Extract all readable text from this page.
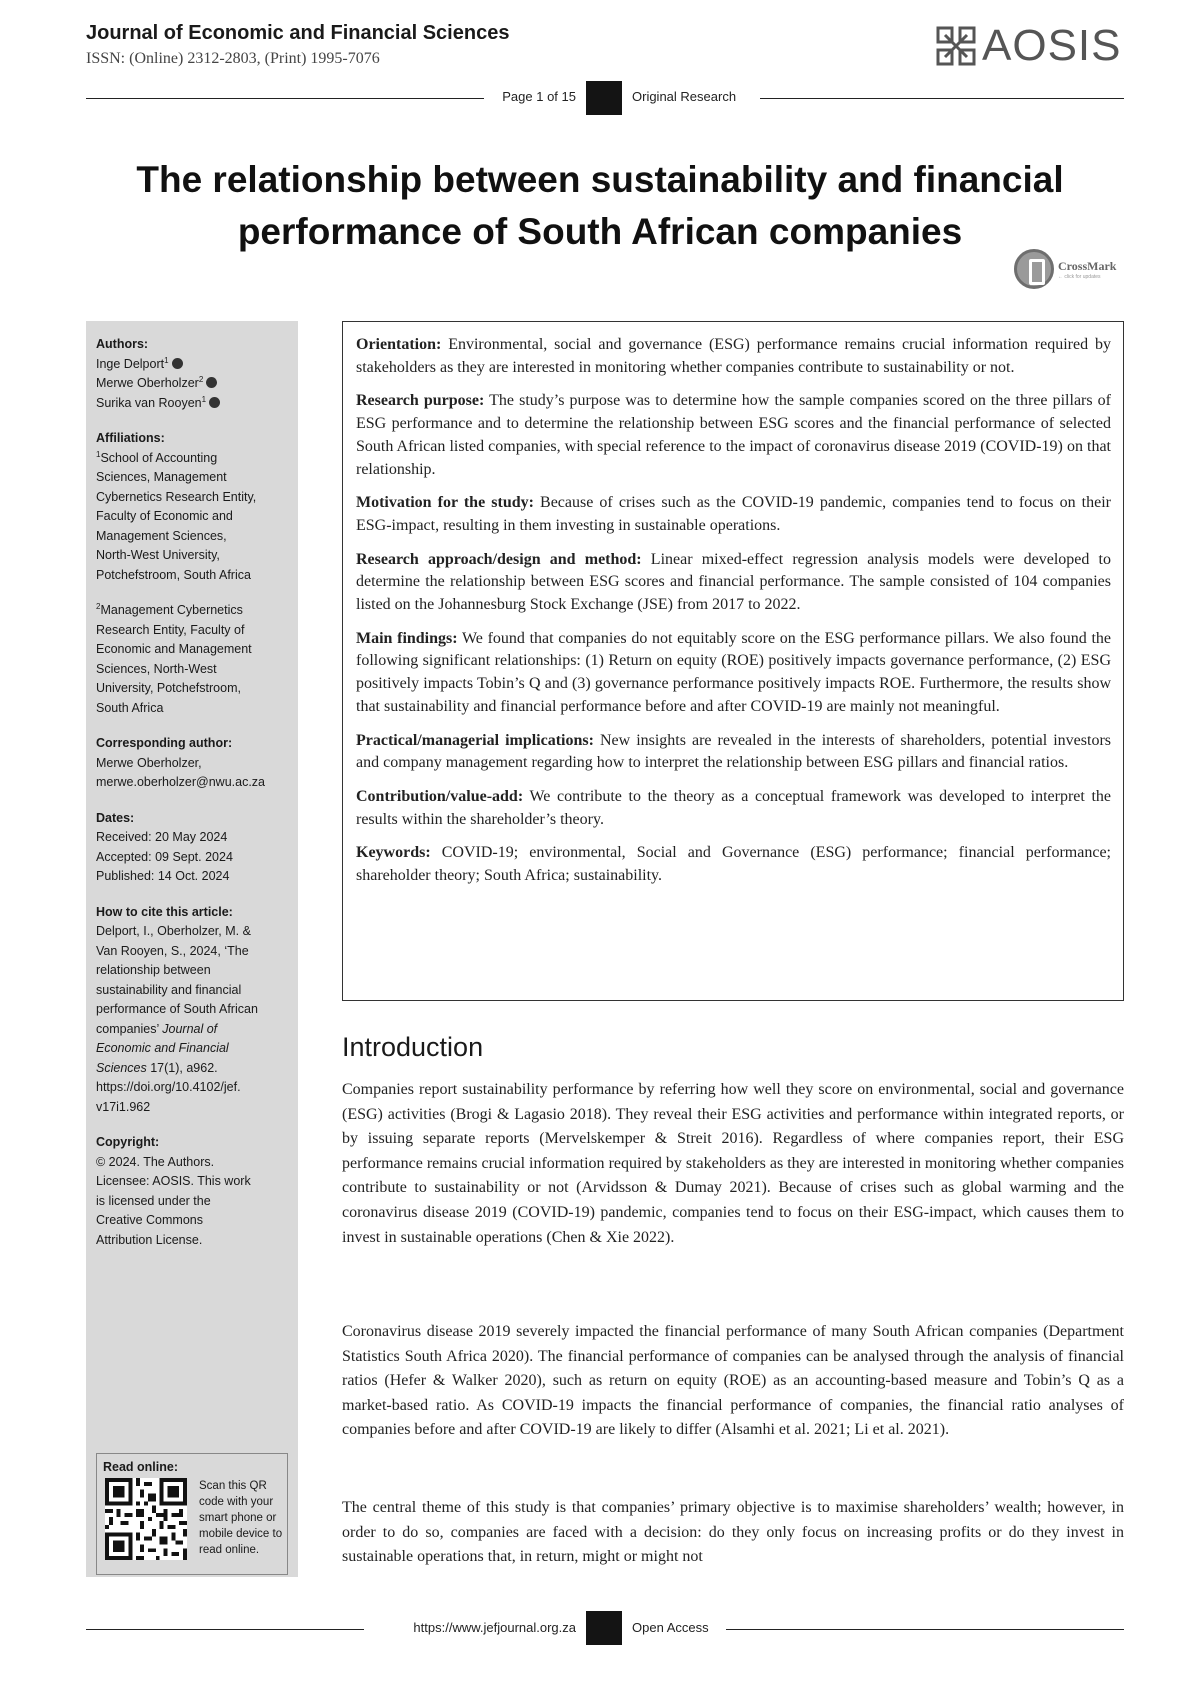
Journal of Economic and Financial Sciences
ISSN: (Online) 2312-2803, (Print) 1995-7076	AOSIS
Page 1 of 15	Original Research
The relationship between sustainability and financial performance of South African companies
CrossMark
← click for updates
Authors:
Inge Delport$^1$
Merwe Oberholzer$^2$
Surika van Rooyen$^1$
Affiliations:
$^1$School of Accounting
Sciences, Management
Cybernetics Research Entity,
Faculty of Economic and
Management Sciences,
North-West University,
Potchefstroom, South Africa
$^2$Management Cybernetics
Research Entity, Faculty of
Economic and Management
Sciences, North-West
University, Potchefstroom,
South Africa
Corresponding author:
Merwe Oberholzer,
merwe.oberholzer@nwu.ac.za
Dates:
Received: 20 May 2024
Accepted: 09 Sept. 2024
Published: 14 Oct. 2024
How to cite this article:
Delport, I., Oberholzer, M. &
Van Rooyen, S., 2024, ‘The
relationship between
sustainability and financial
performance of South African
companies’ Journal of
Economic and Financial
Sciences 17(1), a962.
https://doi.org/10.4102/jef.
v17i1.962
Copyright:
© 2024. The Authors.
Licensee: AOSIS. This work
is licensed under the
Creative Commons
Attribution License.
Read online:
Scan this QR code with your smart phone or mobile device to read online.

Orientation: Environmental, social and governance (ESG) performance remains crucial information required by stakeholders as they are interested in monitoring whether companies contribute to sustainability or not.

Research purpose: The study’s purpose was to determine how the sample companies scored on the three pillars of ESG performance and to determine the relationship between ESG scores and the financial performance of selected South African listed companies, with special reference to the impact of coronavirus disease 2019 (COVID-19) on that relationship.

Motivation for the study: Because of crises such as the COVID-19 pandemic, companies tend to focus on their ESG-impact, resulting in them investing in sustainable operations.

Research approach/design and method: Linear mixed-effect regression analysis models were developed to determine the relationship between ESG scores and financial performance. The sample consisted of 104 companies listed on the Johannesburg Stock Exchange (JSE) from 2017 to 2022.

Main findings: We found that companies do not equitably score on the ESG performance pillars. We also found the following significant relationships: (1) Return on equity (ROE) positively impacts governance performance, (2) ESG positively impacts Tobin’s Q and (3) governance performance positively impacts ROE. Furthermore, the results show that sustainability and financial performance before and after COVID-19 are mainly not meaningful.

Practical/managerial implications: New insights are revealed in the interests of shareholders, potential investors and company management regarding how to interpret the relationship between ESG pillars and financial ratios.

Contribution/value-add: We contribute to the theory as a conceptual framework was developed to interpret the results within the shareholder’s theory.

Keywords: COVID-19; environmental, Social and Governance (ESG) performance; financial performance; shareholder theory; South Africa; sustainability.

Introduction
Companies report sustainability performance by referring how well they score on environmental, social and governance (ESG) activities (Brogi & Lagasio 2018). They reveal their ESG activities and performance within integrated reports, or by issuing separate reports (Mervelskemper & Streit 2016). Regardless of where companies report, their ESG performance remains crucial information required by stakeholders as they are interested in monitoring whether companies contribute to sustainability or not (Arvidsson & Dumay 2021). Because of crises such as global warming and the coronavirus disease 2019 (COVID-19) pandemic, companies tend to focus on their ESG-impact, which causes them to invest in sustainable operations (Chen & Xie 2022).
Coronavirus disease 2019 severely impacted the financial performance of many South African companies (Department Statistics South Africa 2020). The financial performance of companies can be analysed through the analysis of financial ratios (Hefer & Walker 2020), such as return on equity (ROE) as an accounting-based measure and Tobin’s Q as a market-based ratio. As COVID-19 impacts the financial performance of companies, the financial ratio analyses of companies before and after COVID-19 are likely to differ (Alsamhi et al. 2021; Li et al. 2021).
The central theme of this study is that companies’ primary objective is to maximise shareholders’ wealth; however, in order to do so, companies are faced with a decision: do they only focus on increasing profits or do they invest in sustainable operations that, in return, might or might not
https://www.jefjournal.org.za	Open Access
